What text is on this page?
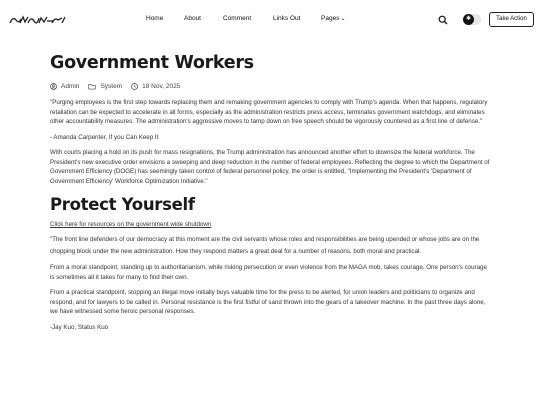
Home	About	Comment	Links Out	Pages⌄	✱	Take Action
Government Workers
Admin	System	18 Nov, 2025

"Purging employees is the first step towards replacing them and remaking government agencies to comply with Trump's agenda. When that happens, regulatory retaliation can be expected to accelerate in all forms, especially as the administration restricts press access, terminates government watchdogs, and eliminates other accountability measures. The administration's aggressive moves to tamp down on free speech should be vigorously countered as a first line of defense."

- Amanda Carpenter, If you Can Keep It

With courts placing a hold on its push for mass resignations, the Trump administration has announced another effort to downsize the federal workforce. The President's new executive order envisions a sweeping and deep reduction in the number of federal employees. Reflecting the degree to which the Department of Government Efficiency (DOGE) has seemingly taken control of federal personnel policy, the order is entitled, "Implementing the President's 'Department of Government Efficiency' Workforce Optimization Initiative."

Protect Yourself
Click here for resources on the government wide shutdown

"The front line defenders of our democracy at this moment are the civil servants whose roles and responsibilities are being upended or whose jobs are on the chopping block under the new administration. How they respond matters a great deal for a number of reasons, both moral and practical.

From a moral standpoint, standing up to authoritarianism, while risking persecution or even violence from the MAGA mob, takes courage. One person's courage is sometimes all it takes for many to find their own.

From a practical standpoint, stopping an illegal move initially buys valuable time for the press to be alerted, for union leaders and politicians to organize and respond, and for lawyers to be called in. Personal resistance is the first fistful of sand thrown into the gears of a takeover machine. In the past three days alone, we have witnessed some heroic personal responses.

-Jay Kuo, Status Kuo
